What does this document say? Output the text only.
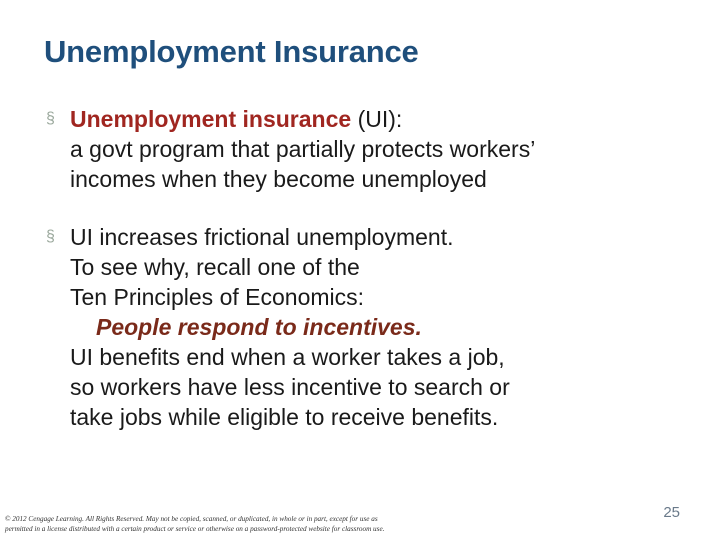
Unemployment Insurance
§ Unemployment insurance (UI):
a govt program that partially protects workers’
incomes when they become unemployed
§ UI increases frictional unemployment.
To see why, recall one of the
Ten Principles of Economics:
People respond to incentives.
UI benefits end when a worker takes a job,
so workers have less incentive to search or
take jobs while eligible to receive benefits.
© 2012 Cengage Learning. All Rights Reserved. May not be copied, scanned, or duplicated, in whole or in part, except for use as
permitted in a license distributed with a certain product or service or otherwise on a password-protected website for classroom use.
25
